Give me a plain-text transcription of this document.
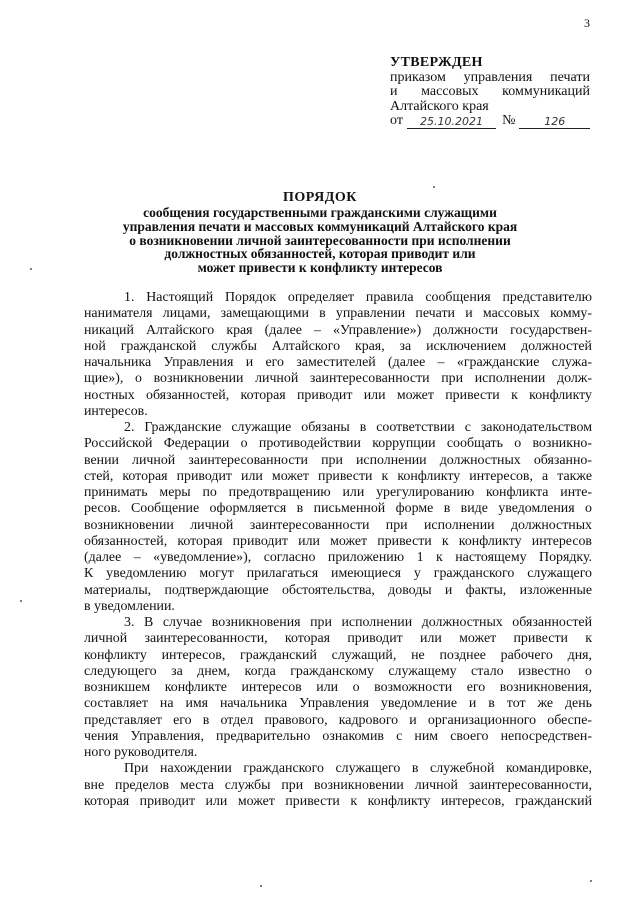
3
УТВЕРЖДЕН
приказом управления печати
и массовых коммуникаций
Алтайского края
от	25.10.2021	№	126
ПОРЯДОК
сообщения государственными гражданскими служащими
управления печати и массовых коммуникаций Алтайского края
о возникновении личной заинтересованности при исполнении
должностных обязанностей, которая приводит или
может привести к конфликту интересов
1. Настоящий Порядок определяет правила сообщения представителю
нанимателя лицами, замещающими в управлении печати и массовых комму-
никаций Алтайского края (далее – «Управление») должности государствен-
ной гражданской службы Алтайского края, за исключением должностей
начальника Управления и его заместителей (далее – «гражданские служа-
щие»), о возникновении личной заинтересованности при исполнении долж-
ностных обязанностей, которая приводит или может привести к конфликту
интересов.
2. Гражданские служащие обязаны в соответствии с законодательством
Российской Федерации о противодействии коррупции сообщать о возникно-
вении личной заинтересованности при исполнении должностных обязанно-
стей, которая приводит или может привести к конфликту интересов, а также
принимать меры по предотвращению или урегулированию конфликта инте-
ресов. Сообщение оформляется в письменной форме в виде уведомления о
возникновении личной заинтересованности при исполнении должностных
обязанностей, которая приводит или может привести к конфликту интересов
(далее – «уведомление»), согласно приложению 1 к настоящему Порядку.
К уведомлению могут прилагаться имеющиеся у гражданского служащего
материалы, подтверждающие обстоятельства, доводы и факты, изложенные
в уведомлении.
3. В случае возникновения при исполнении должностных обязанностей
личной заинтересованности, которая приводит или может привести к
конфликту интересов, гражданский служащий, не позднее рабочего дня,
следующего за днем, когда гражданскому служащему стало известно о
возникшем конфликте интересов или о возможности его возникновения,
составляет на имя начальника Управления уведомление и в тот же день
представляет его в отдел правового, кадрового и организационного обеспе-
чения Управления, предварительно ознакомив с ним своего непосредствен-
ного руководителя.
При нахождении гражданского служащего в служебной командировке,
вне пределов места службы при возникновении личной заинтересованности,
которая приводит или может привести к конфликту интересов, гражданский
